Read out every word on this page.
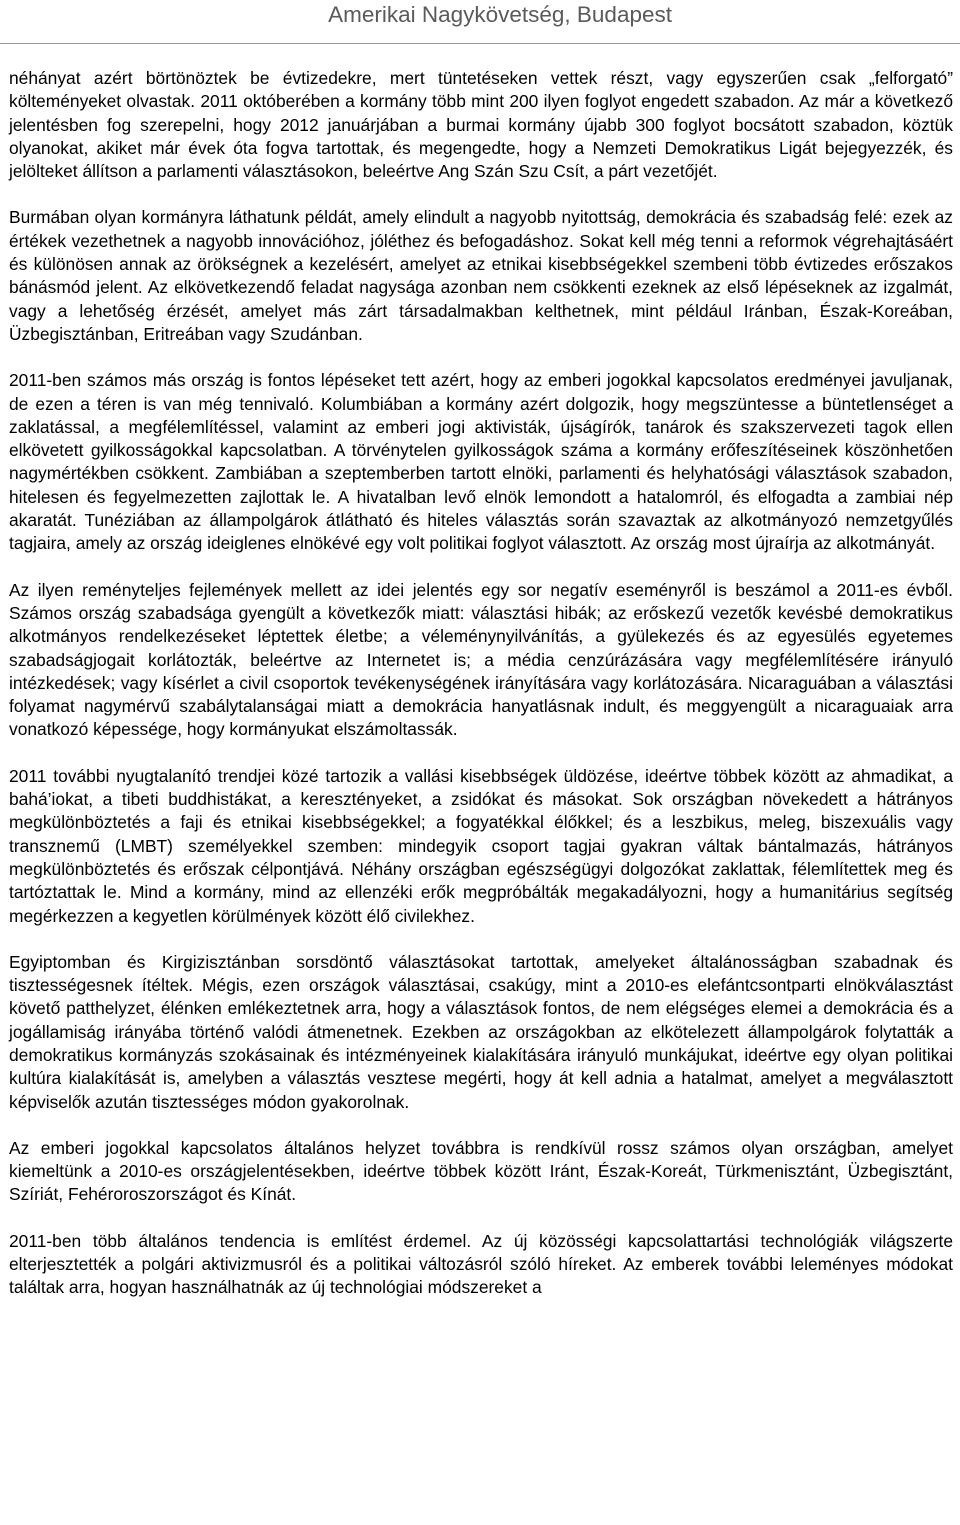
Amerikai Nagykövetség, Budapest

néhányat azért börtönöztek be évtizedekre, mert tüntetéseken vettek részt, vagy egyszerűen csak „felforgató” költeményeket olvastak. 2011 októberében a kormány több mint 200 ilyen foglyot engedett szabadon. Az már a következő jelentésben fog szerepelni, hogy 2012 januárjában a burmai kormány újabb 300 foglyot bocsátott szabadon, köztük olyanokat, akiket már évek óta fogva tartottak, és megengedte, hogy a Nemzeti Demokratikus Ligát bejegyezzék, és jelölteket állítson a parlamenti választásokon, beleértve Ang Szán Szu Csít, a párt vezetőjét.

Burmában olyan kormányra láthatunk példát, amely elindult a nagyobb nyitottság, demokrácia és szabadság felé: ezek az értékek vezethetnek a nagyobb innovációhoz, jóléthez és befogadáshoz. Sokat kell még tenni a reformok végrehajtásáért és különösen annak az örökségnek a kezelésért, amelyet az etnikai kisebbségekkel szembeni több évtizedes erőszakos bánásmód jelent. Az elkövetkezendő feladat nagysága azonban nem csökkenti ezeknek az első lépéseknek az izgalmát, vagy a lehetőség érzését, amelyet más zárt társadalmakban kelthetnek, mint például Iránban, Észak-Koreában, Üzbegisztánban, Eritreában vagy Szudánban.

2011-ben számos más ország is fontos lépéseket tett azért, hogy az emberi jogokkal kapcsolatos eredményei javuljanak, de ezen a téren is van még tennivaló. Kolumbiában a kormány azért dolgozik, hogy megszüntesse a büntetlenséget a zaklatással, a megfélemlítéssel, valamint az emberi jogi aktivisták, újságírók, tanárok és szakszervezeti tagok ellen elkövetett gyilkosságokkal kapcsolatban. A törvénytelen gyilkosságok száma a kormány erőfeszítéseinek köszönhetően nagymértékben csökkent. Zambiában a szeptemberben tartott elnöki, parlamenti és helyhatósági választások szabadon, hitelesen és fegyelmezetten zajlottak le. A hivatalban levő elnök lemondott a hatalomról, és elfogadta a zambiai nép akaratát. Tunéziában az állampolgárok átlátható és hiteles választás során szavaztak az alkotmányozó nemzetgyűlés tagjaira, amely az ország ideiglenes elnökévé egy volt politikai foglyot választott. Az ország most újraírja az alkotmányát.

Az ilyen reményteljes fejlemények mellett az idei jelentés egy sor negatív eseményről is beszámol a 2011-es évből. Számos ország szabadsága gyengült a következők miatt: választási hibák; az erőskezű vezetők kevésbé demokratikus alkotmányos rendelkezéseket léptettek életbe; a véleménynyilvánítás, a gyülekezés és az egyesülés egyetemes szabadságjogait korlátozták, beleértve az Internetet is; a média cenzúrázására vagy megfélemlítésére irányuló intézkedések; vagy kísérlet a civil csoportok tevékenységének irányítására vagy korlátozására. Nicaraguában a választási folyamat nagymérvű szabálytalanságai miatt a demokrácia hanyatlásnak indult, és meggyengült a nicaraguaiak arra vonatkozó képessége, hogy kormányukat elszámoltassák.

2011 további nyugtalanító trendjei közé tartozik a vallási kisebbségek üldözése, ideértve többek között az ahmadikat, a bahá’iokat, a tibeti buddhistákat, a keresztényeket, a zsidókat és másokat. Sok országban növekedett a hátrányos megkülönböztetés a faji és etnikai kisebbségekkel; a fogyatékkal élőkkel; és a leszbikus, meleg, biszexuális vagy transznemű (LMBT) személyekkel szemben: mindegyik csoport tagjai gyakran váltak bántalmazás, hátrányos megkülönböztetés és erőszak célpontjává. Néhány országban egészségügyi dolgozókat zaklattak, félemlítettek meg és tartóztattak le. Mind a kormány, mind az ellenzéki erők megpróbálták megakadályozni, hogy a humanitárius segítség megérkezzen a kegyetlen körülmények között élő civilekhez.

Egyiptomban és Kirgizisztánban sorsdöntő választásokat tartottak, amelyeket általánosságban szabadnak és tisztességesnek ítéltek. Mégis, ezen országok választásai, csakúgy, mint a 2010-es elefántcsontparti elnökválasztást követő patthelyzet, élénken emlékeztetnek arra, hogy a választások fontos, de nem elégséges elemei a demokrácia és a jogállamiság irányába történő valódi átmenetnek. Ezekben az országokban az elkötelezett állampolgárok folytatták a demokratikus kormányzás szokásainak és intézményeinek kialakítására irányuló munkájukat, ideértve egy olyan politikai kultúra kialakítását is, amelyben a választás vesztese megérti, hogy át kell adnia a hatalmat, amelyet a megválasztott képviselők azután tisztességes módon gyakorolnak.

Az emberi jogokkal kapcsolatos általános helyzet továbbra is rendkívül rossz számos olyan országban, amelyet kiemeltünk a 2010-es országjelentésekben, ideértve többek között Iránt, Észak-Koreát, Türkmenisztánt, Üzbegisztánt, Szíriát, Fehéroroszországot és Kínát.

2011-ben több általános tendencia is említést érdemel. Az új közösségi kapcsolattartási technológiák világszerte elterjesztették a polgári aktivizmusról és a politikai változásról szóló híreket. Az emberek további leleményes módokat találtak arra, hogyan használhatnák az új technológiai módszereket a
